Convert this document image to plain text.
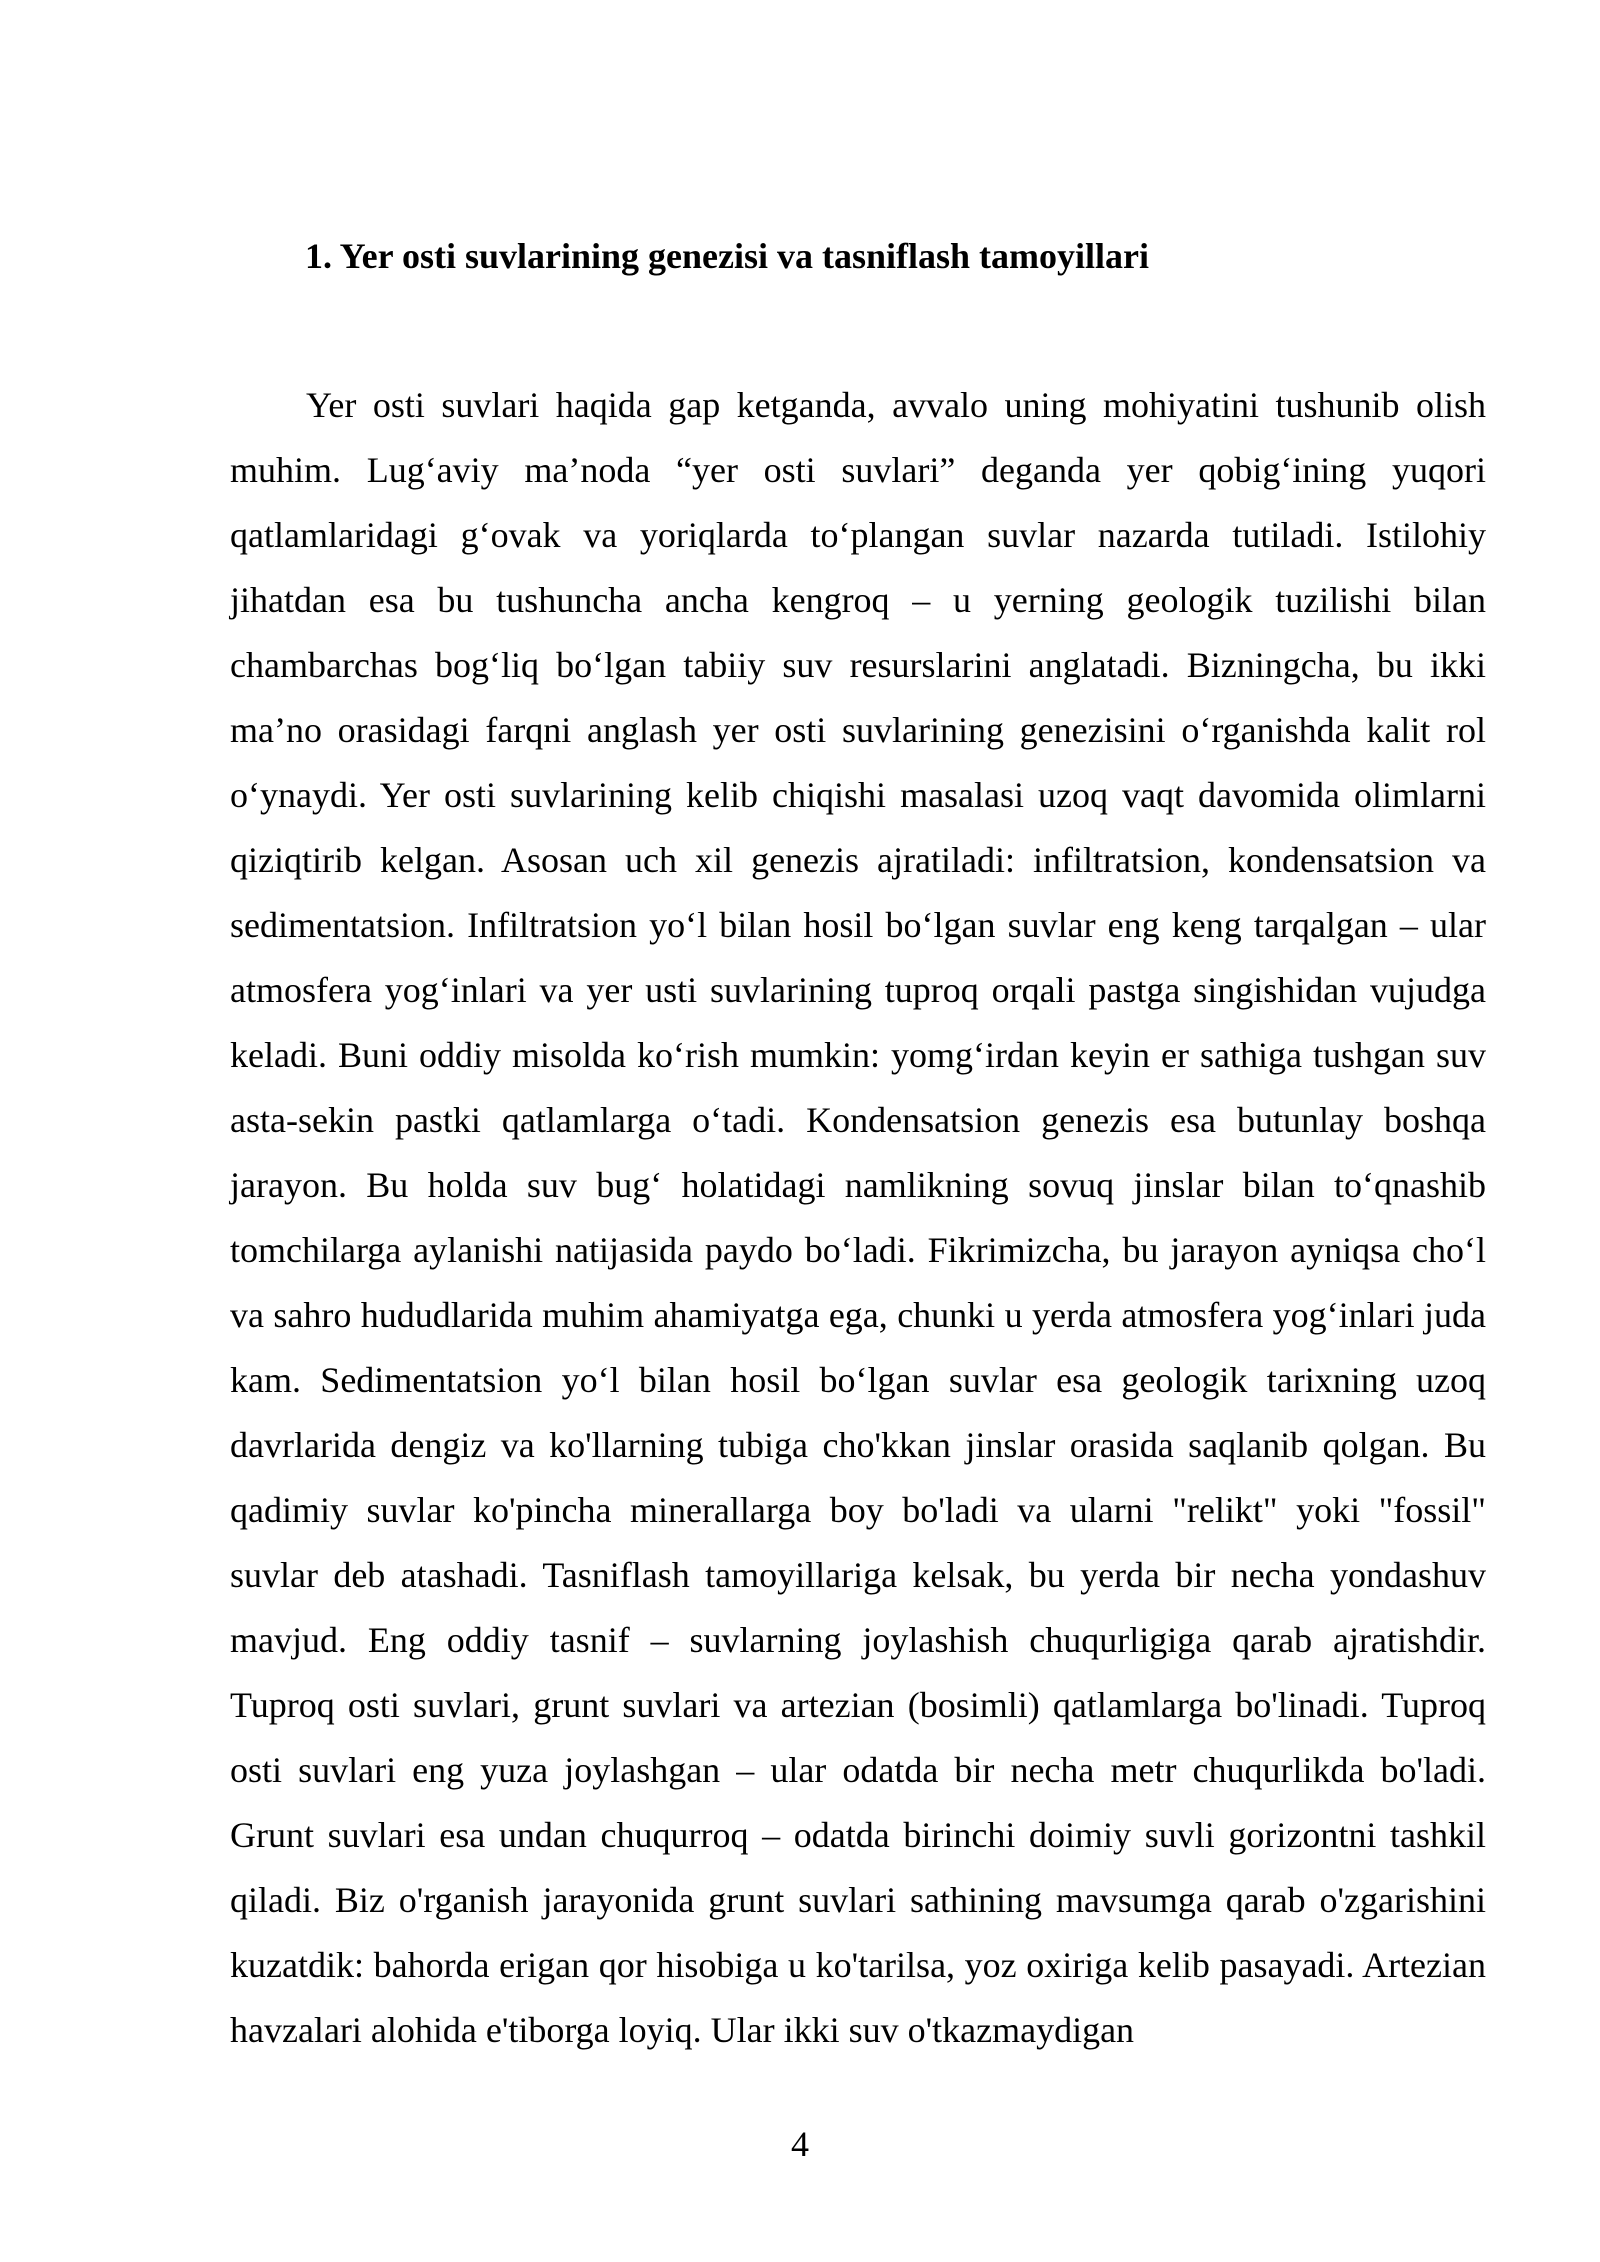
1. Yer osti suvlarining genezisi va tasniflash tamoyillari

Yer osti suvlari haqida gap ketganda, avvalo uning mohiyatini tushunib olish muhim. Lug‘aviy ma’noda “yer osti suvlari” deganda yer qobig‘ining yuqori qatlamlaridagi g‘ovak va yoriqlarda to‘plangan suvlar nazarda tutiladi. Istilohiy jihatdan esa bu tushuncha ancha kengroq – u yerning geologik tuzilishi bilan chambarchas bog‘liq bo‘lgan tabiiy suv resurslarini anglatadi. Bizningcha, bu ikki ma’no orasidagi farqni anglash yer osti suvlarining genezisini o‘rganishda kalit rol o‘ynaydi. Yer osti suvlarining kelib chiqishi masalasi uzoq vaqt davomida olimlarni qiziqtirib kelgan. Asosan uch xil genezis ajratiladi: infiltratsion, kondensatsion va sedimentatsion. Infiltratsion yo‘l bilan hosil bo‘lgan suvlar eng keng tarqalgan – ular atmosfera yog‘inlari va yer usti suvlarining tuproq orqali pastga singishidan vujudga keladi. Buni oddiy misolda ko‘rish mumkin: yomg‘irdan keyin er sathiga tushgan suv asta-sekin pastki qatlamlarga o‘tadi. Kondensatsion genezis esa butunlay boshqa jarayon. Bu holda suv bug‘ holatidagi namlikning sovuq jinslar bilan to‘qnashib tomchilarga aylanishi natijasida paydo bo‘ladi. Fikrimizcha, bu jarayon ayniqsa cho‘l va sahro hududlarida muhim ahamiyatga ega, chunki u yerda atmosfera yog‘inlari juda kam. Sedimentatsion yo‘l bilan hosil bo‘lgan suvlar esa geologik tarixning uzoq davrlarida dengiz va ko'llarning tubiga cho'kkan jinslar orasida saqlanib qolgan. Bu qadimiy suvlar ko'pincha minerallarga boy bo'ladi va ularni "relikt" yoki "fossil" suvlar deb atashadi. Tasniflash tamoyillariga kelsak, bu yerda bir necha yondashuv mavjud. Eng oddiy tasnif – suvlarning joylashish chuqurligiga qarab ajratishdir. Tuproq osti suvlari, grunt suvlari va artezian (bosimli) qatlamlarga bo'linadi. Tuproq osti suvlari eng yuza joylashgan – ular odatda bir necha metr chuqurlikda bo'ladi. Grunt suvlari esa undan chuqurroq – odatda birinchi doimiy suvli gorizontni tashkil qiladi. Biz o'rganish jarayonida grunt suvlari sathining mavsumga qarab o'zgarishini kuzatdik: bahorda erigan qor hisobiga u ko'tarilsa, yoz oxiriga kelib pasayadi. Artezian havzalari alohida e'tiborga loyiq. Ular ikki suv o'tkazmaydigan

4
